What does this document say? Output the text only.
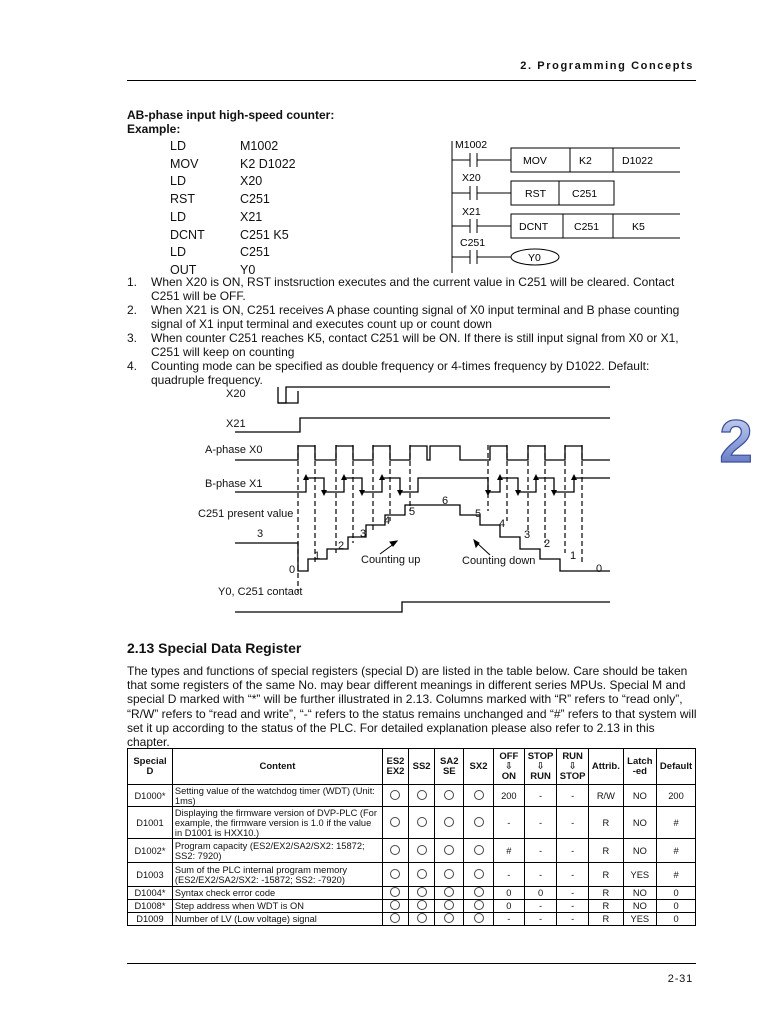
2. Programming Concepts
AB-phase input high-speed counter:
Example:
LD	M1002
MOV	K2 D1022
LD	X20
RST	C251
LD	X21
DCNT	C251 K5
LD	C251
OUT	Y0
M1002
X20
X21
C251
MOV	K2	D1022
RST C251
DCNT C251	K5
Y0
1.	When X20 is ON, RST instsruction executes and the current value in C251 will be cleared. Contact C251 will be OFF.
2.	When X21 is ON, C251 receives A phase counting signal of X0 input terminal and B phase counting signal of X1 input terminal and executes count up or count down
3.	When counter C251 reaches K5, contact C251 will be ON. If there is still input signal from X0 or X1, C251 will keep on counting
4.	Counting mode can be specified as double frequency or 4-times frequency by D1022. Default: quadruple frequency.
X20
X21
A-phase X0
B-phase X1
C251 present value
Y0, C251 contact
3
0
1
2
3
4
5
6
5
4
3
2
1
0
Counting up	Counting down
2
2.13 Special Data Register
The types and functions of special registers (special D) are listed in the table below. Care should be taken that some registers of the same No. may bear different meanings in different series MPUs. Special M and special D marked with “*” will be further illustrated in 2.13. Columns marked with “R” refers to “read only”, “R/W” refers to “read and write”, “-“ refers to the status remains unchanged and “#” refers to that system will set it up according to the status of the PLC. For detailed explanation please also refer to 2.13 in this chapter.
Special
D	Content	ES2
EX2	SS2	SA2
SE	SX2	OFF
⇩
ON	STOP
⇩
RUN	RUN
⇩
STOP	Attrib.	Latch
-ed	Default
D1000*	Setting value of the watchdog timer (WDT) (Unit: 1ms)					200	-	-	R/W	NO	200
D1001	Displaying the firmware version of DVP-PLC (For example, the firmware version is 1.0 if the value in D1001 is HXX10.)					-	-	-	R	NO	#
D1002*	Program capacity (ES2/EX2/SA2/SX2: 15872; SS2: 7920)					#	-	-	R	NO	#
D1003	Sum of the PLC internal program memory (ES2/EX2/SA2/SX2: -15872; SS2: -7920)					-	-	-	R	YES	#
D1004*	Syntax check error code					0	0	-	R	NO	0
D1008*	Step address when WDT is ON					0	-	-	R	NO	0
D1009	Number of LV (Low voltage) signal					-	-	-	R	YES	0
2-31
